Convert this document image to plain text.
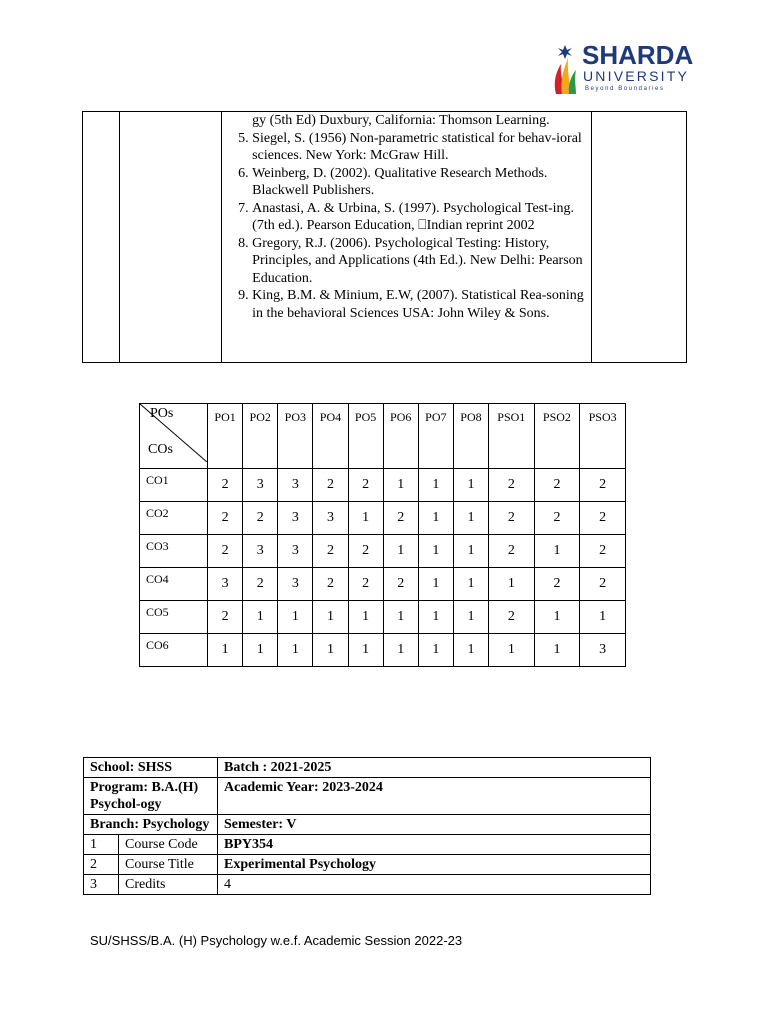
SHARDA
UNIVERSITY
Beyond Boundaries

gy (5th Ed) Duxbury, California: Thomson Learning.
5. Siegel, S. (1956) Non-parametric statistical for behav-ioral sciences. New York: McGraw Hill.
6. Weinberg, D. (2002). Qualitative Research Methods. Blackwell Publishers.
7. Anastasi, A. & Urbina, S. (1997). Psychological Test-ing. (7th ed.). Pearson Education, ⎕Indian reprint 2002
8. Gregory, R.J. (2006). Psychological Testing: History, Principles, and Applications (4th Ed.). New Delhi: Pearson Education.
9. King, B.M. & Minium, E.W, (2007). Statistical Rea-soning in the behavioral Sciences USA: John Wiley & Sons.

POs
COs	PO1	PO2	PO3	PO4	PO5	PO6	PO7	PO8	PSO1	PSO2	PSO3
CO1	2	3	3	2	2	1	1	1	2	2	2
CO2	2	2	3	3	1	2	1	1	2	2	2
CO3	2	3	3	2	2	1	1	1	2	1	2
CO4	3	2	3	2	2	2	1	1	1	2	2
CO5	2	1	1	1	1	1	1	1	2	1	1
CO6	1	1	1	1	1	1	1	1	1	1	3
School: SHSS		Batch : 2021-2025
Program: B.A.(H) Psychol-ogy		Academic Year: 2023-2024
Branch: Psychology		Semester: V
1	Course Code	BPY354
2	Course Title	Experimental Psychology
3	Credits	4
SU/SHSS/B.A. (H) Psychology w.e.f. Academic Session 2022-23
